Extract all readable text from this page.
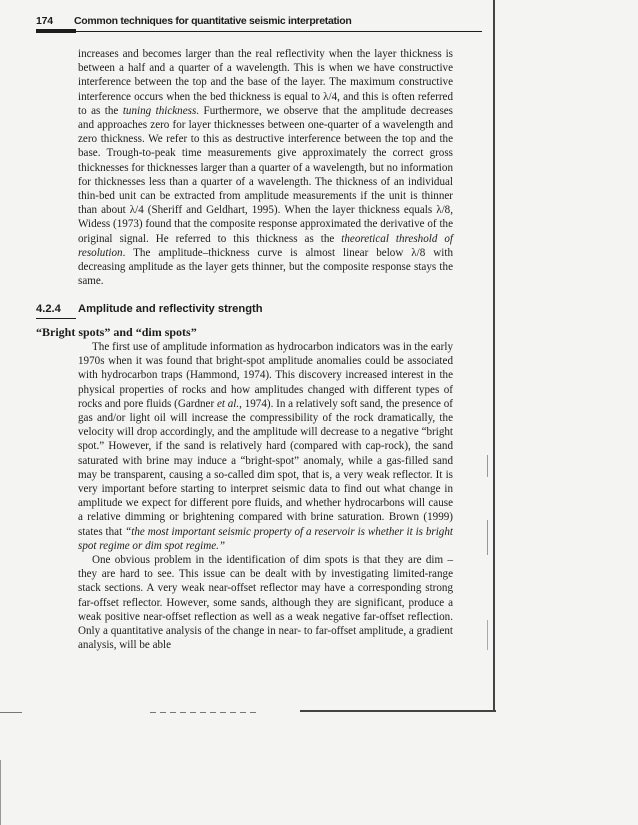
174 Common techniques for quantitative seismic interpretation

increases and becomes larger than the real reflectivity when the layer thickness is between a half and a quarter of a wavelength. This is when we have constructive interference between the top and the base of the layer. The maximum constructive interference occurs when the bed thickness is equal to λ/4, and this is often referred to as the tuning thickness. Furthermore, we observe that the amplitude decreases and approaches zero for layer thicknesses between one-quarter of a wavelength and zero thickness. We refer to this as destructive interference between the top and the base. Trough-to-peak time measurements give approximately the correct gross thicknesses for thicknesses larger than a quarter of a wavelength, but no information for thicknesses less than a quarter of a wavelength. The thickness of an individual thin-bed unit can be extracted from amplitude measurements if the unit is thinner than about λ/4 (Sheriff and Geldhart, 1995). When the layer thickness equals λ/8, Widess (1973) found that the composite response approximated the derivative of the original signal. He referred to this thickness as the theoretical threshold of resolution. The amplitude–thickness curve is almost linear below λ/8 with decreasing amplitude as the layer gets thinner, but the composite response stays the same.

4.2.4 Amplitude and reflectivity strength
“Bright spots” and “dim spots”

The first use of amplitude information as hydrocarbon indicators was in the early 1970s when it was found that bright-spot amplitude anomalies could be associated with hydrocarbon traps (Hammond, 1974). This discovery increased interest in the physical properties of rocks and how amplitudes changed with different types of rocks and pore fluids (Gardner et al., 1974). In a relatively soft sand, the presence of gas and/or light oil will increase the compressibility of the rock dramatically, the velocity will drop accordingly, and the amplitude will decrease to a negative “bright spot.” However, if the sand is relatively hard (compared with cap-rock), the sand saturated with brine may induce a “bright-spot” anomaly, while a gas-filled sand may be transparent, causing a so-called dim spot, that is, a very weak reflector. It is very important before starting to interpret seismic data to find out what change in amplitude we expect for different pore fluids, and whether hydrocarbons will cause a relative dimming or brightening compared with brine saturation. Brown (1999) states that “the most important seismic property of a reservoir is whether it is bright spot regime or dim spot regime.”

One obvious problem in the identification of dim spots is that they are dim – they are hard to see. This issue can be dealt with by investigating limited-range stack sections. A very weak near-offset reflector may have a corresponding strong far-offset reflector. However, some sands, although they are significant, produce a weak positive near-offset reflection as well as a weak negative far-offset reflection. Only a quantitative analysis of the change in near- to far-offset amplitude, a gradient analysis, will be able
